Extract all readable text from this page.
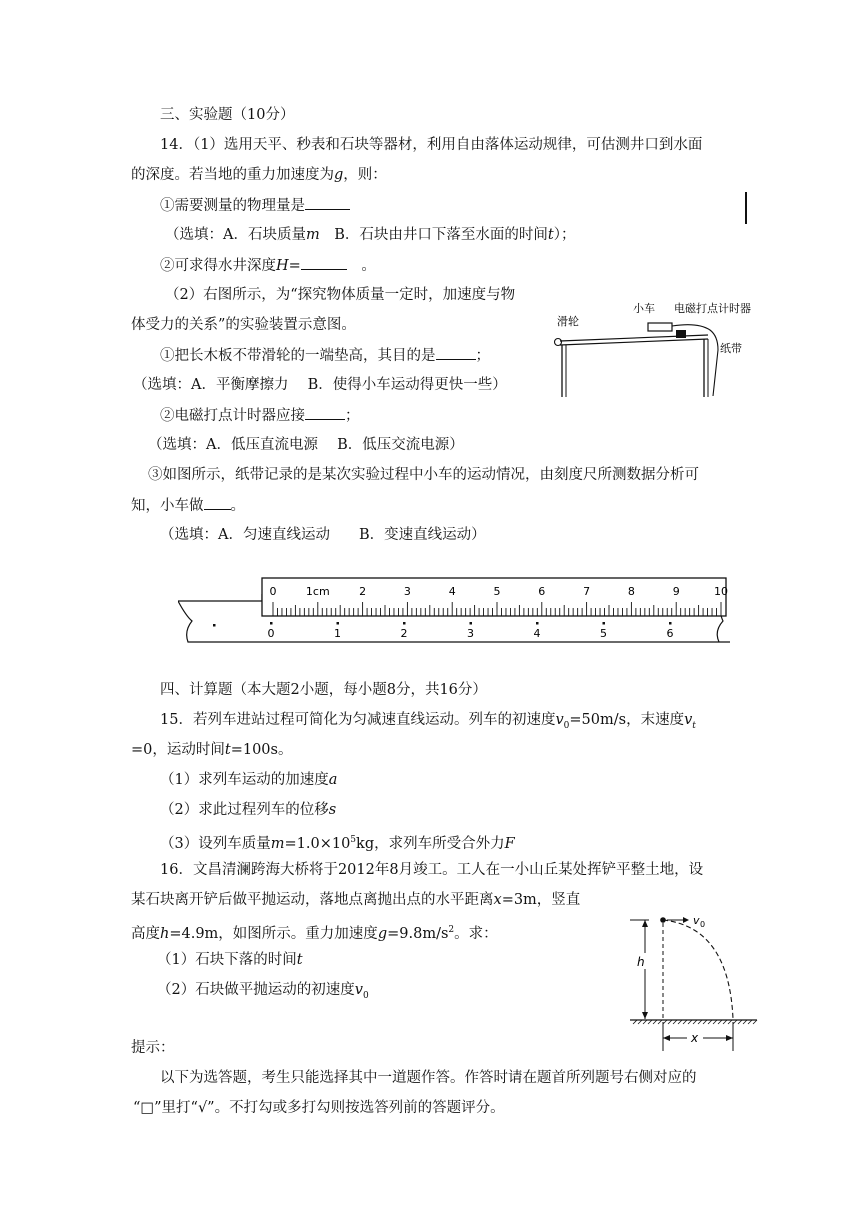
三、实验题（10分）
14．（1）选用天平、秒表和石块等器材，利用自由落体运动规律，可估测井口到水面
的深度。若当地的重力加速度为g，则：
①需要测量的物理量是
（选填：A．石块质量m　B．石块由井口下落至水面的时间t）；
②可求得水井深度H=　	。
（2）右图所示，为“探究物体质量一定时，加速度与物
体受力的关系”的实验装置示意图。
①把长木板不带滑轮的一端垫高，其目的是	；
（选填：A．平衡摩擦力　 B．使得小车运动得更快一些）
②电磁打点计时器应接	；
（选填：A．低压直流电源　 B．低压交流电源）
③如图所示，纸带记录的是某次实验过程中小车的运动情况，由刻度尺所测数据分析可
知，小车做 。
（选填：A．匀速直线运动　　B．变速直线运动）
滑轮
小车 电磁打点计时器
纸带
0	1cm	2	3	4	5	6	7	8	9	10
0	1	2	3	4	5	6
四、计算题（本大题2小题，每小题8分，共16分）
15．若列车进站过程可简化为匀减速直线运动。列车的初速度$v_0=50m/s$，末速度$v_t$
=0，运动时间t=100s。
（1）求列车运动的加速度a
（2）求此过程列车的位移s
（3）设列车质量$m=1.0\times 10^5kg$，求列车所受合外力F
16．文昌清澜跨海大桥将于2012年8月竣工。工人在一小山丘某处挥铲平整土地，设
某石块离开铲后做平抛运动，落地点离抛出点的水平距离x=3m，竖直
高度h=4.9m，如图所示。重力加速度$g=9.8m/s^2$。求：
（1）石块下落的时间t
（2）石块做平抛运动的初速度$v_0$
v 0
h
x
提示：
以下为选答题，考生只能选择其中一道题作答。作答时请在题首所列题号右侧对应的
“□”里打“√”。不打勾或多打勾则按选答列前的答题评分。
